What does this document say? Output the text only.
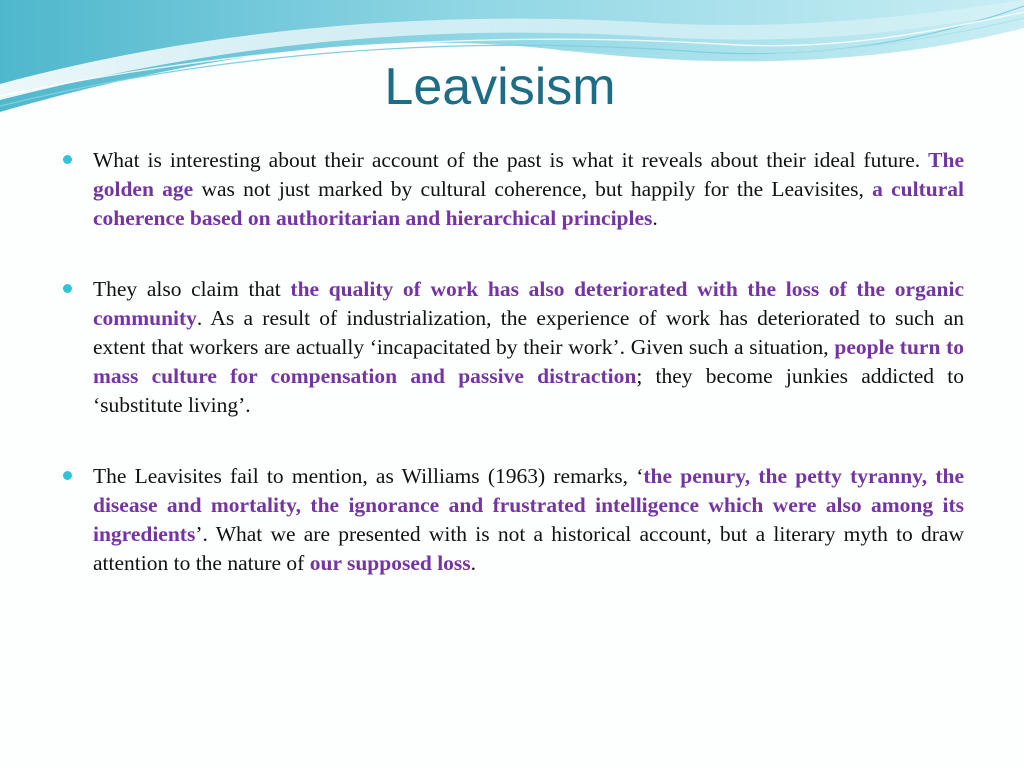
Leavisism
What is interesting about their account of the past is what it reveals about their ideal future. The golden age was not just marked by cultural coherence, but happily for the Leavisites, a cultural coherence based on authoritarian and hierarchical principles.
They also claim that the quality of work has also deteriorated with the loss of the organic community. As a result of industrialization, the experience of work has deteriorated to such an extent that workers are actually ‘incapacitated by their work’. Given such a situation, people turn to mass culture for compensation and passive distraction; they become junkies addicted to ‘substitute living’.
The Leavisites fail to mention, as Williams (1963) remarks, ‘the penury, the petty tyranny, the disease and mortality, the ignorance and frustrated intelligence which were also among its ingredients’. What we are presented with is not a historical account, but a literary myth to draw attention to the nature of our supposed loss.
